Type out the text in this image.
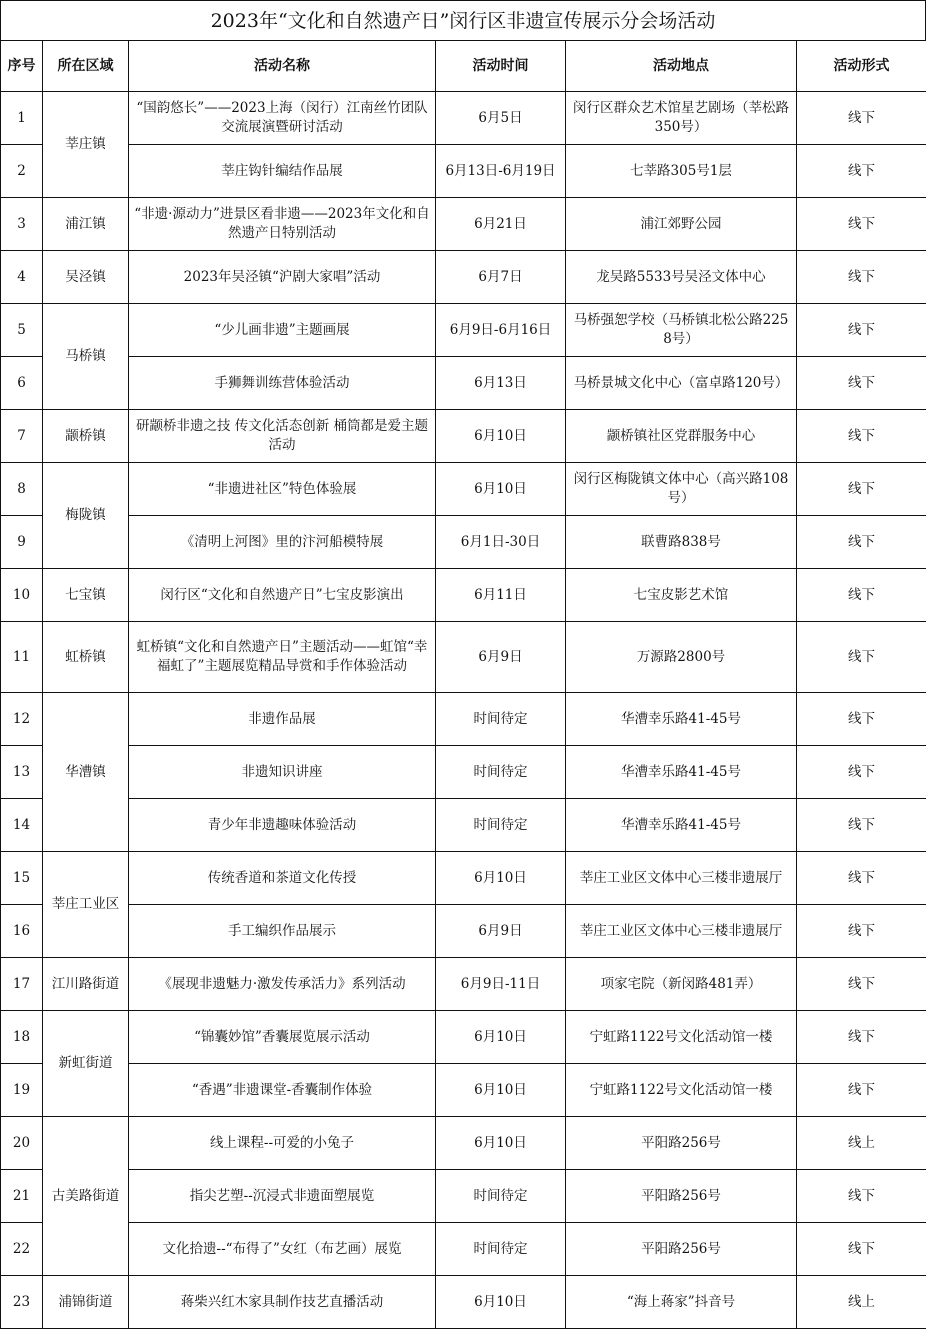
2023年“文化和自然遗产日”闵行区非遗宣传展示分会场活动
序号	所在区域	活动名称	活动时间	活动地点	活动形式
1	莘庄镇	“国韵悠长”——2023上海（闵行）江南丝竹团队交流展演暨研讨活动	6月5日	闵行区群众艺术馆星艺剧场（莘松路350号）	线下
2		莘庄钩针编结作品展	6月13日-6月19日	七莘路305号1层	线下
3	浦江镇	“非遗·源动力”进景区看非遗——2023年文化和自然遗产日特别活动	6月21日	浦江郊野公园	线下
4	吴泾镇	2023年吴泾镇“沪剧大家唱”活动	6月7日	龙吴路5533号吴泾文体中心	线下
5	马桥镇	“少儿画非遗”主题画展	6月9日-6月16日	马桥强恕学校（马桥镇北松公路2258号）	线下
6		手狮舞训练营体验活动	6月13日	马桥景城文化中心（富卓路120号）	线下
7	颛桥镇	研颛桥非遗之技 传文化活态创新 桶筒都是爱主题活动	6月10日	颛桥镇社区党群服务中心	线下
8	梅陇镇	“非遗进社区”特色体验展	6月10日	闵行区梅陇镇文体中心（高兴路108号）	线下
9		《清明上河图》里的汴河船模特展	6月1日-30日	联曹路838号	线下
10	七宝镇	闵行区“文化和自然遗产日”七宝皮影演出	6月11日	七宝皮影艺术馆	线下
11	虹桥镇	虹桥镇“文化和自然遗产日”主题活动——虹馆“幸福虹了”主题展览精品导赏和手作体验活动	6月9日	万源路2800号	线下
12	华漕镇	非遗作品展	时间待定	华漕幸乐路41-45号	线下
13		非遗知识讲座	时间待定	华漕幸乐路41-45号	线下
14		青少年非遗趣味体验活动	时间待定	华漕幸乐路41-45号	线下
15	莘庄工业区	传统香道和茶道文化传授	6月10日	莘庄工业区文体中心三楼非遗展厅	线下
16		手工编织作品展示	6月9日	莘庄工业区文体中心三楼非遗展厅	线下
17	江川路街道	《展现非遗魅力·激发传承活力》系列活动	6月9日-11日	项家宅院（新闵路481弄）	线下
18	新虹街道	“锦囊妙馆”香囊展览展示活动	6月10日	宁虹路1122号文化活动馆一楼	线下
19		“香遇”非遗课堂-香囊制作体验	6月10日	宁虹路1122号文化活动馆一楼	线下
20	古美路街道	线上课程--可爱的小兔子	6月10日	平阳路256号	线上
21		指尖艺塑--沉浸式非遗面塑展览	时间待定	平阳路256号	线下
22		文化拾遗--“布得了”女红（布艺画）展览	时间待定	平阳路256号	线下
23	浦锦街道	蒋柴兴红木家具制作技艺直播活动	6月10日	“海上蒋家”抖音号	线上
